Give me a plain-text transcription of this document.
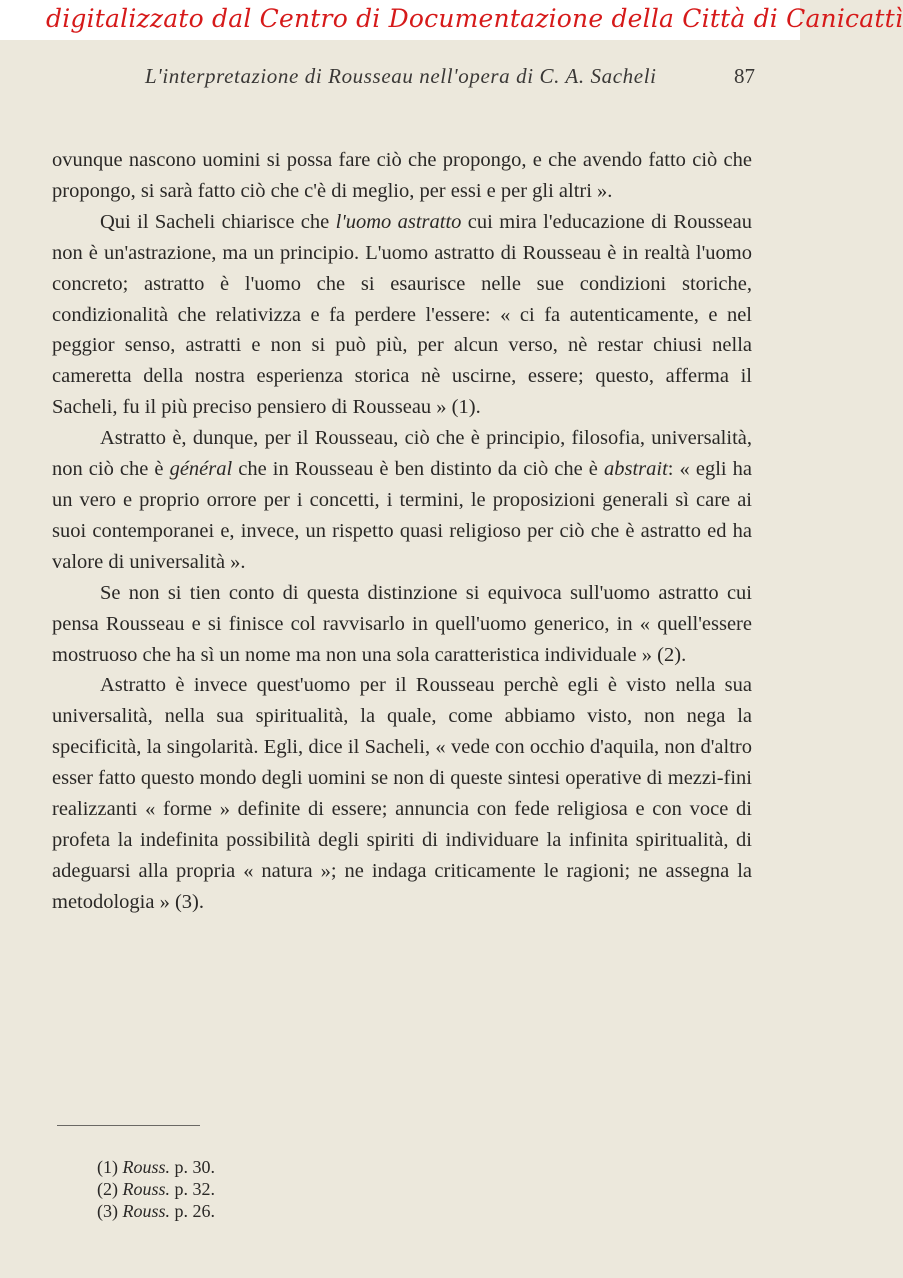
digitalizzato dal Centro di Documentazione della Città di Canicattì
L'interpretazione di Rousseau nell'opera di C. A. Sacheli	87

ovunque nascono uomini si possa fare ciò che propongo, e che avendo fatto ciò che propongo, si sarà fatto ciò che c'è di meglio, per essi e per gli altri ».

Qui il Sacheli chiarisce che l'uomo astratto cui mira l'educazione di Rousseau non è un'astrazione, ma un principio. L'uomo astratto di Rousseau è in realtà l'uomo concreto; astratto è l'uomo che si esaurisce nelle sue condizioni storiche, condizionalità che relativizza e fa perdere l'essere: « ci fa autenticamente, e nel peggior senso, astratti e non si può più, per alcun verso, nè restar chiusi nella cameretta della nostra esperienza storica nè uscirne, essere; questo, afferma il Sacheli, fu il più preciso pensiero di Rousseau » (1).

Astratto è, dunque, per il Rousseau, ciò che è principio, filosofia, universalità, non ciò che è général che in Rousseau è ben distinto da ciò che è abstrait: « egli ha un vero e proprio orrore per i concetti, i termini, le proposizioni generali sì care ai suoi contemporanei e, invece, un rispetto quasi religioso per ciò che è astratto ed ha valore di universalità ».

Se non si tien conto di questa distinzione si equivoca sull'uomo astratto cui pensa Rousseau e si finisce col ravvisarlo in quell'uomo generico, in « quell'essere mostruoso che ha sì un nome ma non una sola caratteristica individuale » (2).

Astratto è invece quest'uomo per il Rousseau perchè egli è visto nella sua universalità, nella sua spiritualità, la quale, come abbiamo visto, non nega la specificità, la singolarità. Egli, dice il Sacheli, « vede con occhio d'aquila, non d'altro esser fatto questo mondo degli uomini se non di queste sintesi operative di mezzi-fini realizzanti « forme » definite di essere; annuncia con fede religiosa e con voce di profeta la indefinita possibilità degli spiriti di individuare la infinita spiritualità, di adeguarsi alla propria « natura »; ne indaga criticamente le ragioni; ne assegna la metodologia » (3).

(1) Rouss. p. 30.
(2) Rouss. p. 32.
(3) Rouss. p. 26.
